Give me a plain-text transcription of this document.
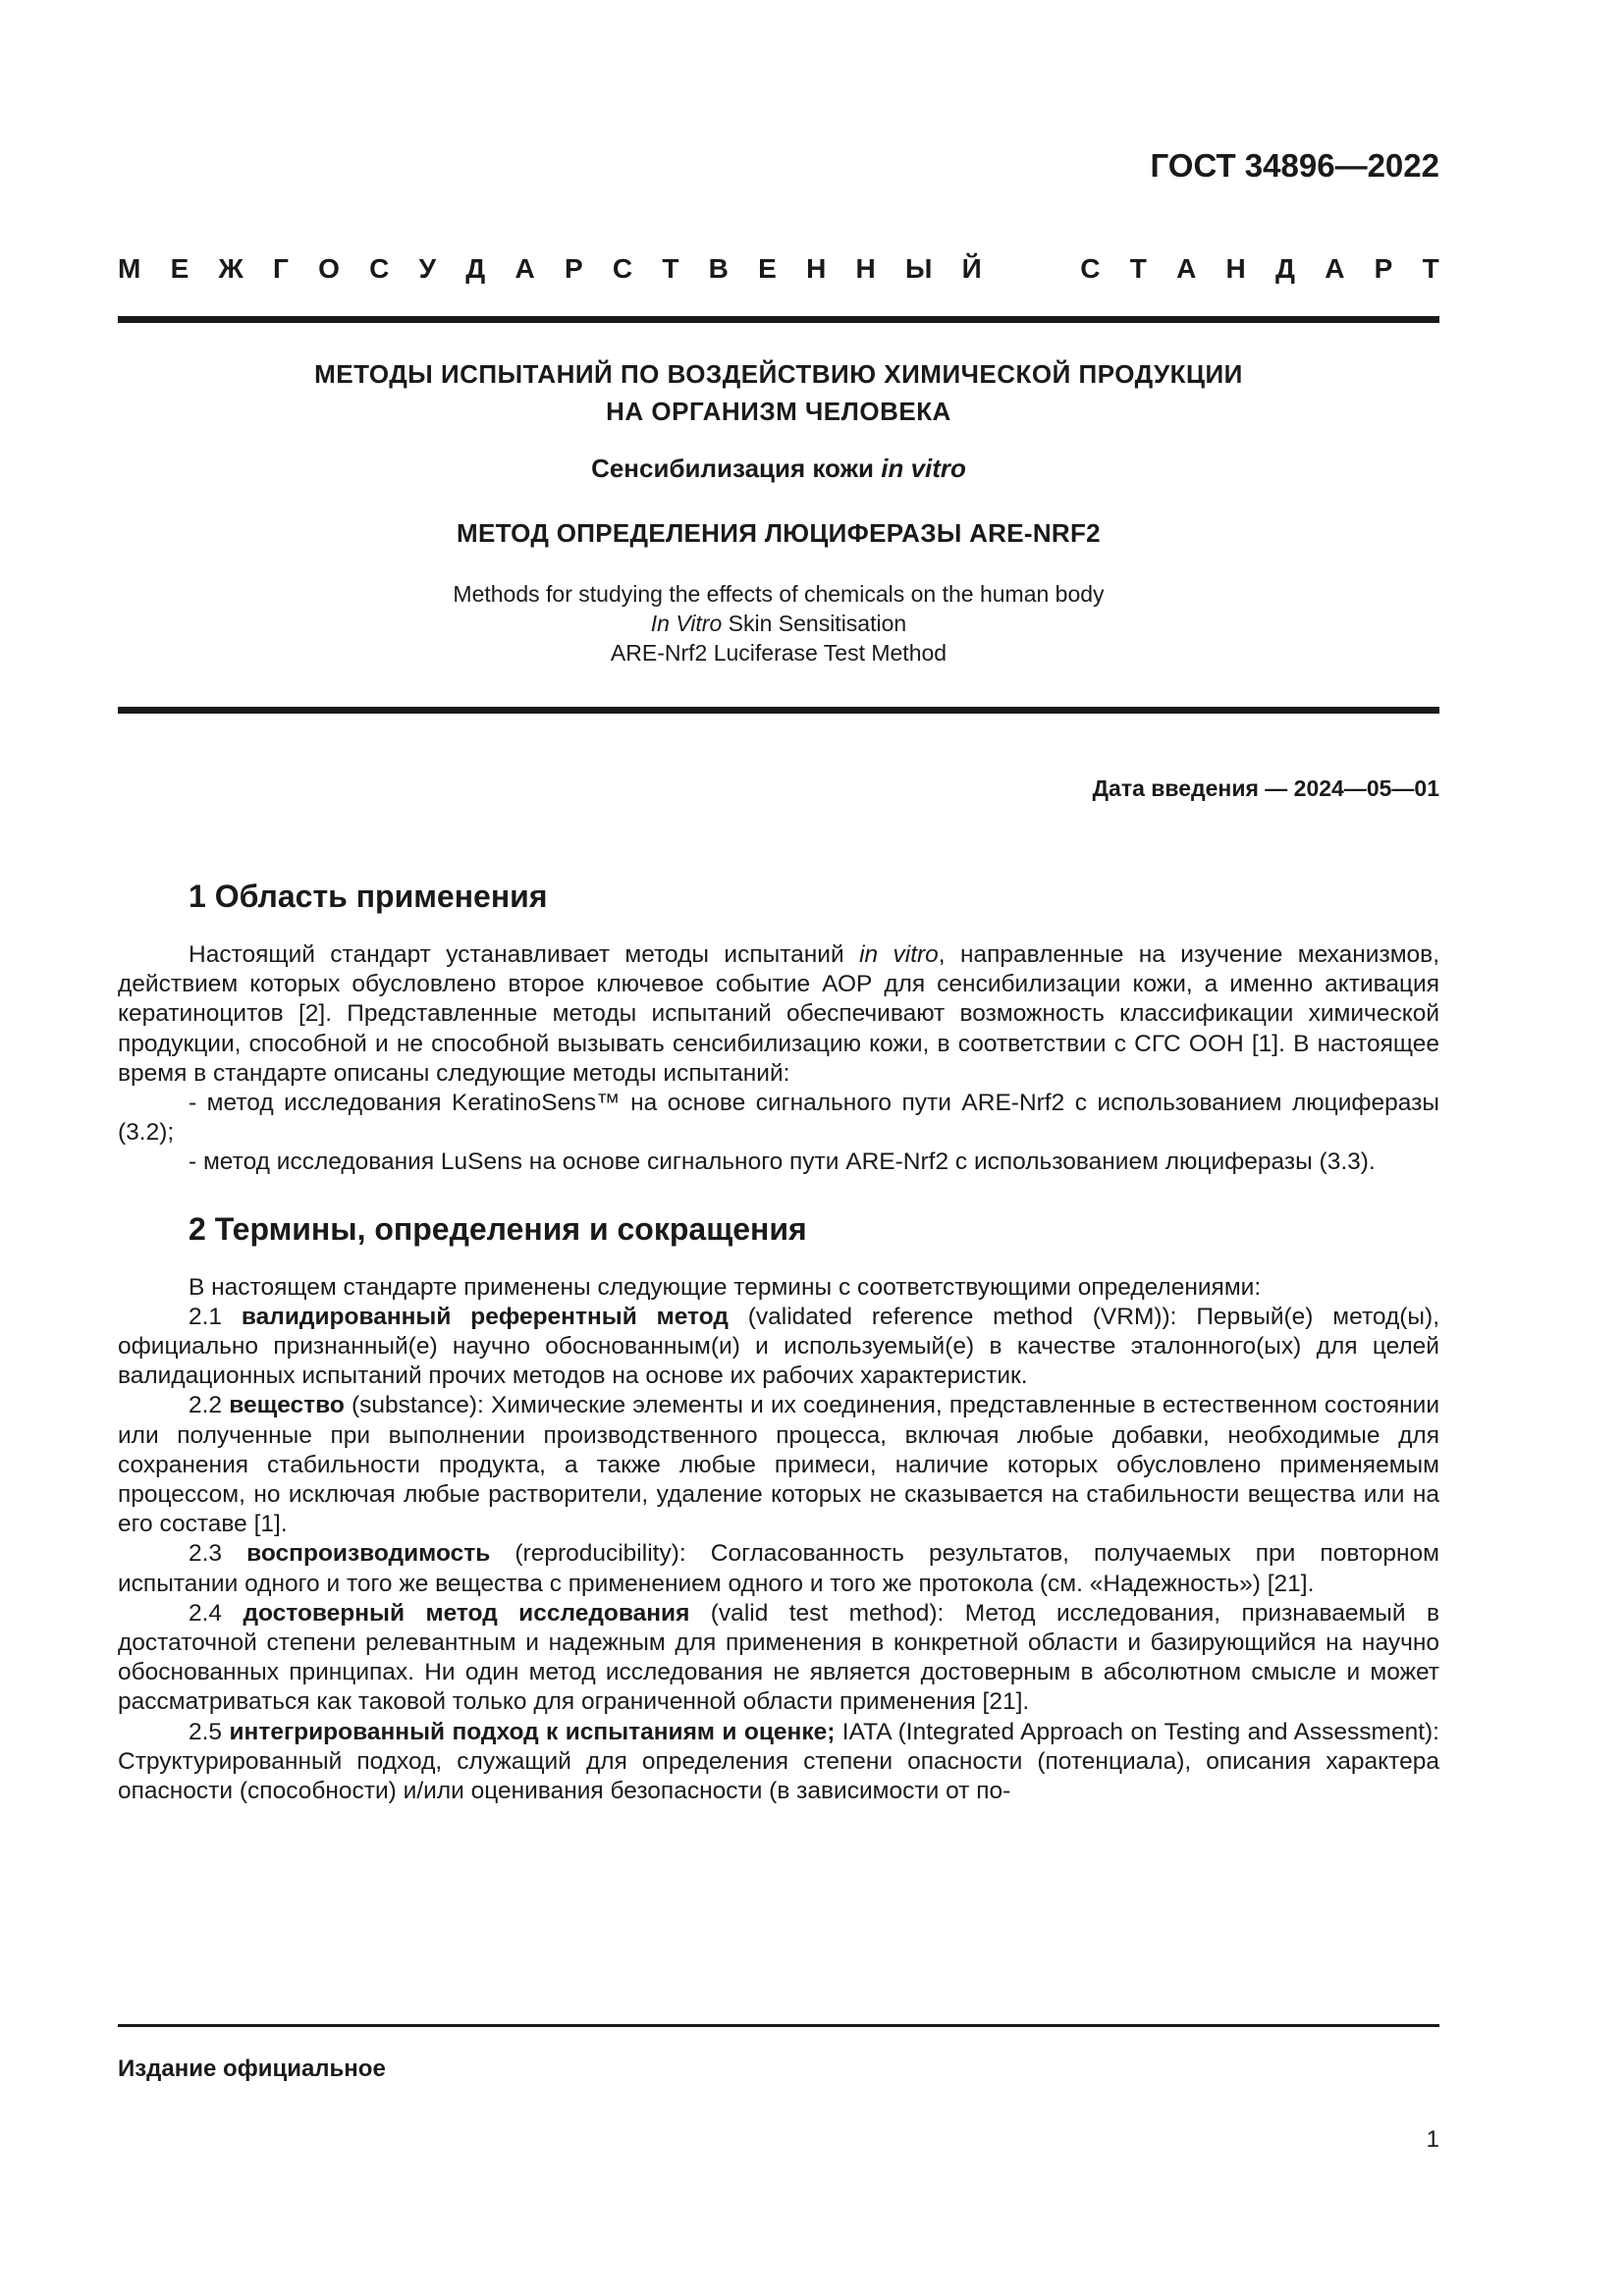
ГОСТ 34896—2022

М Е Ж Г О С У Д А Р С Т В Е Н Н Ы Й	С Т А Н Д А Р Т
МЕТОДЫ ИСПЫТАНИЙ ПО ВОЗДЕЙСТВИЮ ХИМИЧЕСКОЙ ПРОДУКЦИИ
НА ОРГАНИЗМ ЧЕЛОВЕКА

Сенсибилизация кожи in vitro

МЕТОД ОПРЕДЕЛЕНИЯ ЛЮЦИФЕРАЗЫ ARE-NRF2

Methods for studying the effects of chemicals on the human body
In Vitro Skin Sensitisation
ARE-Nrf2 Luciferase Test Method

Дата введения — 2024—05—01

1 Область применения

Настоящий стандарт устанавливает методы испытаний in vitro, направленные на изучение механизмов, действием которых обусловлено второе ключевое событие АОР для сенсибилизации кожи, а именно активация кератиноцитов [2]. Представленные методы испытаний обеспечивают возможность классификации химической продукции, способной и не способной вызывать сенсибилизацию кожи, в соответствии с СГС ООН [1]. В настоящее время в стандарте описаны следующие методы испытаний:

- метод исследования KeratinoSens™ на основе сигнального пути ARE-Nrf2 с использованием люциферазы (3.2);

- метод исследования LuSens на основе сигнального пути ARE-Nrf2 с использованием люциферазы (3.3).

2 Термины, определения и сокращения

В настоящем стандарте применены следующие термины с соответствующими определениями:

2.1 валидированный референтный метод (validated reference method (VRM)): Первый(е) метод(ы), официально признанный(е) научно обоснованным(и) и используемый(е) в качестве эталонного(ых) для целей валидационных испытаний прочих методов на основе их рабочих характеристик.

2.2 вещество (substance): Химические элементы и их соединения, представленные в естественном состоянии или полученные при выполнении производственного процесса, включая любые добавки, необходимые для сохранения стабильности продукта, а также любые примеси, наличие которых обусловлено применяемым процессом, но исключая любые растворители, удаление которых не сказывается на стабильности вещества или на его составе [1].

2.3 воспроизводимость (reproducibility): Согласованность результатов, получаемых при повторном испытании одного и того же вещества с применением одного и того же протокола (см. «Надежность») [21].

2.4 достоверный метод исследования (valid test method): Метод исследования, признаваемый в достаточной степени релевантным и надежным для применения в конкретной области и базирующийся на научно обоснованных принципах. Ни один метод исследования не является достоверным в абсолютном смысле и может рассматриваться как таковой только для ограниченной области применения [21].

2.5 интегрированный подход к испытаниям и оценке; IATA (Integrated Approach on Testing and Assessment): Структурированный подход, служащий для определения степени опасности (потенциала), описания характера опасности (способности) и/или оценивания безопасности (в зависимости от по-

Издание официальное

1
